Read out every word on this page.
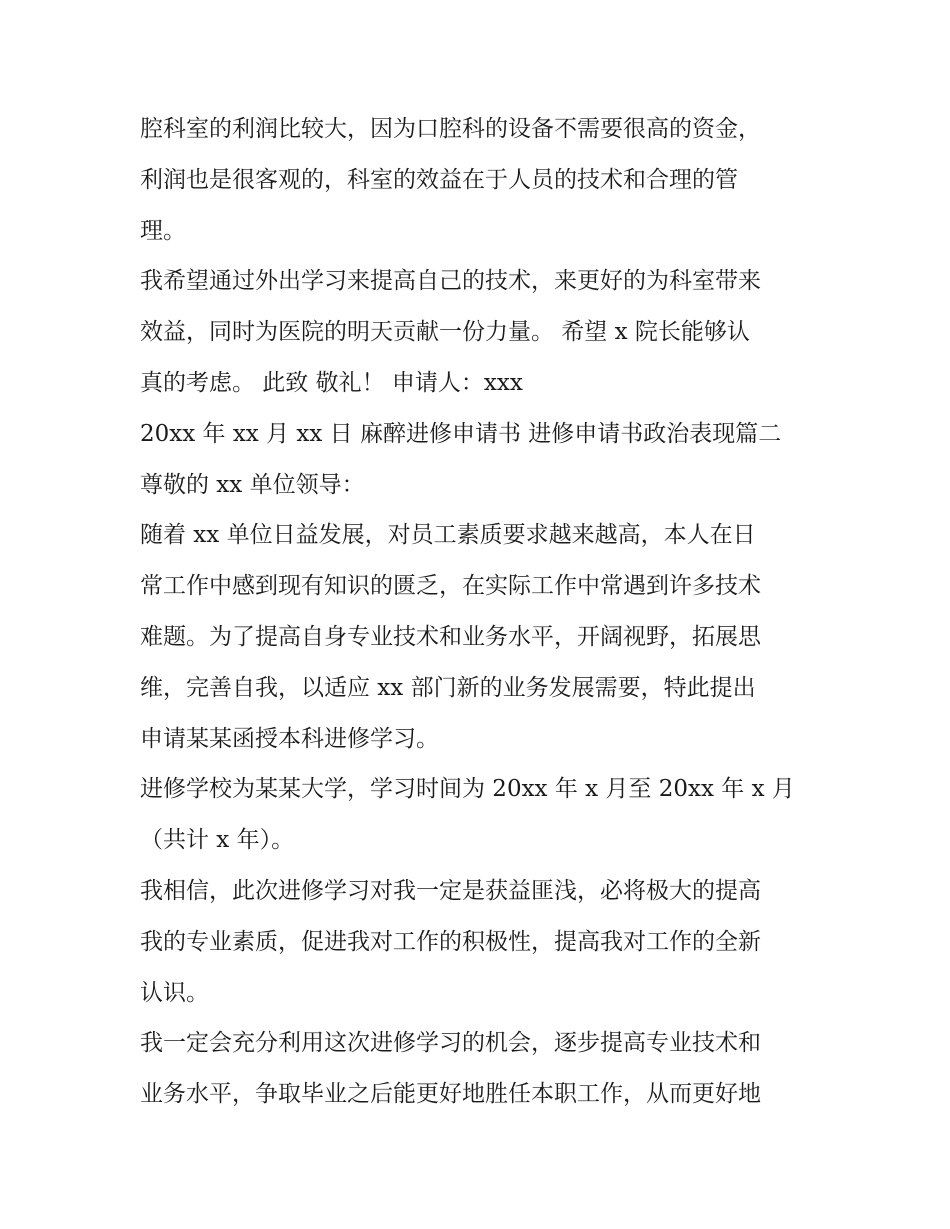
腔科室的利润比较大，因为口腔科的设备不需要很高的资金，
利润也是很客观的，科室的效益在于人员的技术和合理的管
理。
我希望通过外出学习来提高自己的技术，来更好的为科室带来
效益，同时为医院的明天贡献一份力量。 希望 x 院长能够认
真的考虑。 此致 敬礼！ 申请人：xxx
20xx 年 xx 月 xx 日 麻醉进修申请书 进修申请书政治表现篇二
尊敬的 xx 单位领导：
随着 xx 单位日益发展，对员工素质要求越来越高，本人在日
常工作中感到现有知识的匮乏，在实际工作中常遇到许多技术
难题。为了提高自身专业技术和业务水平，开阔视野，拓展思
维，完善自我，以适应 xx 部门新的业务发展需要，特此提出
申请某某函授本科进修学习。
进修学校为某某大学，学习时间为 20xx 年 x 月至 20xx 年 x 月
（共计 x 年）。
我相信，此次进修学习对我一定是获益匪浅，必将极大的提高
我的专业素质，促进我对工作的积极性，提高我对工作的全新
认识。
我一定会充分利用这次进修学习的机会，逐步提高专业技术和
业务水平，争取毕业之后能更好地胜任本职工作，从而更好地
